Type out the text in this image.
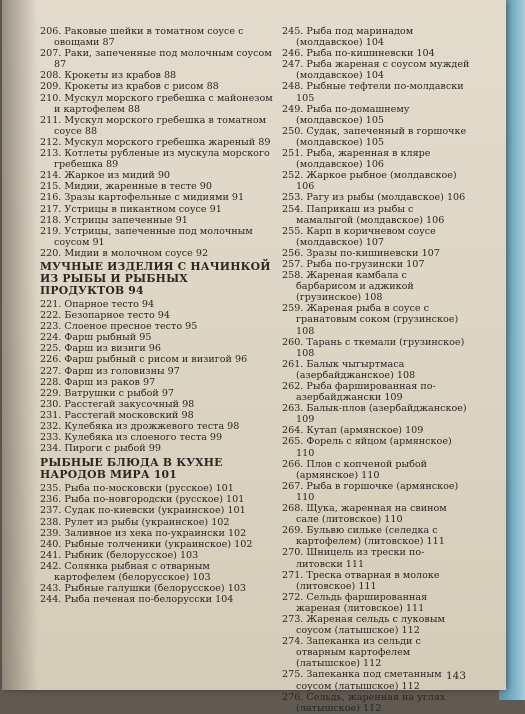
206. Раковые шейки в томатном соусе с овощами 87

207. Раки, запеченные под молочным соусом 87

208. Крокеты из крабов 88

209. Крокеты из крабов с рисом 88

210. Мускул морского гребешка с майонезом и картофелем 88

211. Мускул морского гребешка в томатном соусе 88

212. Мускул морского гребешка жареный 89

213. Котлеты рубленые из мускула морского гребешка 89

214. Жаркое из мидий 90

215. Мидии, жаренные в тесте 90

216. Зразы картофельные с мидиями 91

217. Устрицы в пикантном соусе 91

218. Устрицы запеченные 91

219. Устрицы, запеченные под молочным соусом 91

220. Мидии в молочном соусе 92

МУЧНЫЕ ИЗДЕЛИЯ С НАЧИНКОЙ ИЗ РЫБЫ И РЫБНЫХ ПРОДУКТОВ 94

221. Опарное тесто 94

222. Безопарное тесто 94

223. Слоеное пресное тесто 95

224. Фарш рыбный 95

225. Фарш из визиги 96

226. Фарш рыбный с рисом и визигой 96

227. Фарш из головизны 97

228. Фарш из раков 97

229. Ватрушки с рыбой 97

230. Расстегай закусочный 98

231. Расстегай московский 98

232. Кулебяка из дрожжевого теста 98

233. Кулебяка из слоеного теста 99

234. Пироги с рыбой 99

РЫБНЫЕ БЛЮДА В КУХНЕ НАРОДОВ МИРА 101

235. Рыба по-московски (русское) 101

236. Рыба по-новгородски (русское) 101

237. Судак по-киевски (украинское) 101

238. Рулет из рыбы (украинское) 102

239. Заливное из хека по-украински 102

240. Рыбные толченики (украинское) 102

241. Рыбник (белорусское) 103

242. Солянка рыбная с отварным картофелем (белорусское) 103

243. Рыбные галушки (белорусское) 103

244. Рыба печеная по-белорусски 104

245. Рыба под маринадом (молдавское) 104

246. Рыба по-кишиневски 104

247. Рыба жареная с соусом муждей (молдавское) 104

248. Рыбные тефтели по-молдавски 105

249. Рыба по-домашнему (молдавское) 105

250. Судак, запеченный в горшочке (молдавское) 105

251. Рыба, жаренная в кляре (молдавское) 106

252. Жаркое рыбное (молдавское) 106

253. Рагу из рыбы (молдавское) 106

254. Паприкаш из рыбы с мамалыгой (молдавское) 106

255. Карп в коричневом соусе (молдавское) 107

256. Зразы по-кишиневски 107

257. Рыба по-грузински 107

258. Жареная камбала с барбарисом и аджикой (грузинское) 108

259. Жареная рыба в соусе с гранатовым соком (грузинское) 108

260. Тарань с ткемали (грузинское) 108

261. Балык чыгыртмаса (азербайджанское) 108

262. Рыба фаршированная по-азербайджански 109

263. Балык-плов (азербайджанское) 109

264. Кутап (армянское) 109

265. Форель с яйцом (армянское) 110

266. Плов с копченой рыбой (армянское) 110

267. Рыба в горшочке (армянское) 110

268. Щука, жаренная на свином сале (литовское) 110

269. Бульвю сильке (селедка с картофелем) (литовское) 111

270. Шницель из трески по-литовски 111

271. Треска отварная в молоке (литовское) 111

272. Сельдь фаршированная жареная (литовское) 111

273. Жареная сельдь с луковым соусом (латышское) 112

274. Запеканка из сельди с отварным картофелем (латышское) 112

275. Запеканка под сметанным соусом (латышское) 112

276. Сельдь, жаренная на углях (латышское) 112

143
